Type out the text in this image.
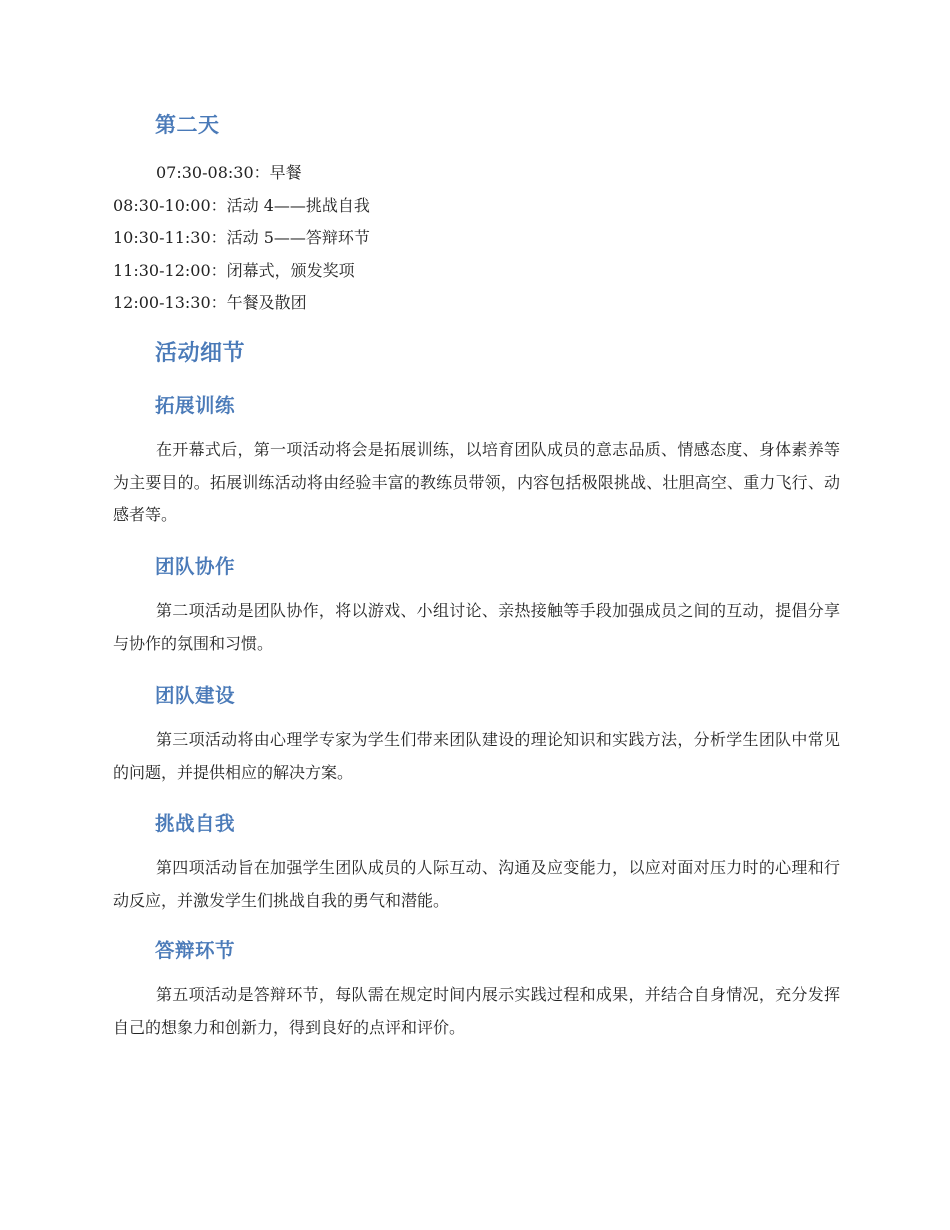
第二天
07:30-08:30：早餐
08:30-10:00：活动 4——挑战自我
10:30-11:30：活动 5——答辩环节
11:30-12:00：闭幕式，颁发奖项
12:00-13:30：午餐及散团
活动细节
拓展训练

在开幕式后，第一项活动将会是拓展训练，以培育团队成员的意志品质、情感态度、身体素养等为主要目的。拓展训练活动将由经验丰富的教练员带领，内容包括极限挑战、壮胆高空、重力飞行、动感者等。

团队协作

第二项活动是团队协作，将以游戏、小组讨论、亲热接触等手段加强成员之间的互动，提倡分享与协作的氛围和习惯。

团队建设

第三项活动将由心理学专家为学生们带来团队建设的理论知识和实践方法，分析学生团队中常见的问题，并提供相应的解决方案。

挑战自我

第四项活动旨在加强学生团队成员的人际互动、沟通及应变能力，以应对面对压力时的心理和行动反应，并激发学生们挑战自我的勇气和潜能。

答辩环节

第五项活动是答辩环节，每队需在规定时间内展示实践过程和成果，并结合自身情况，充分发挥自己的想象力和创新力，得到良好的点评和评价。
